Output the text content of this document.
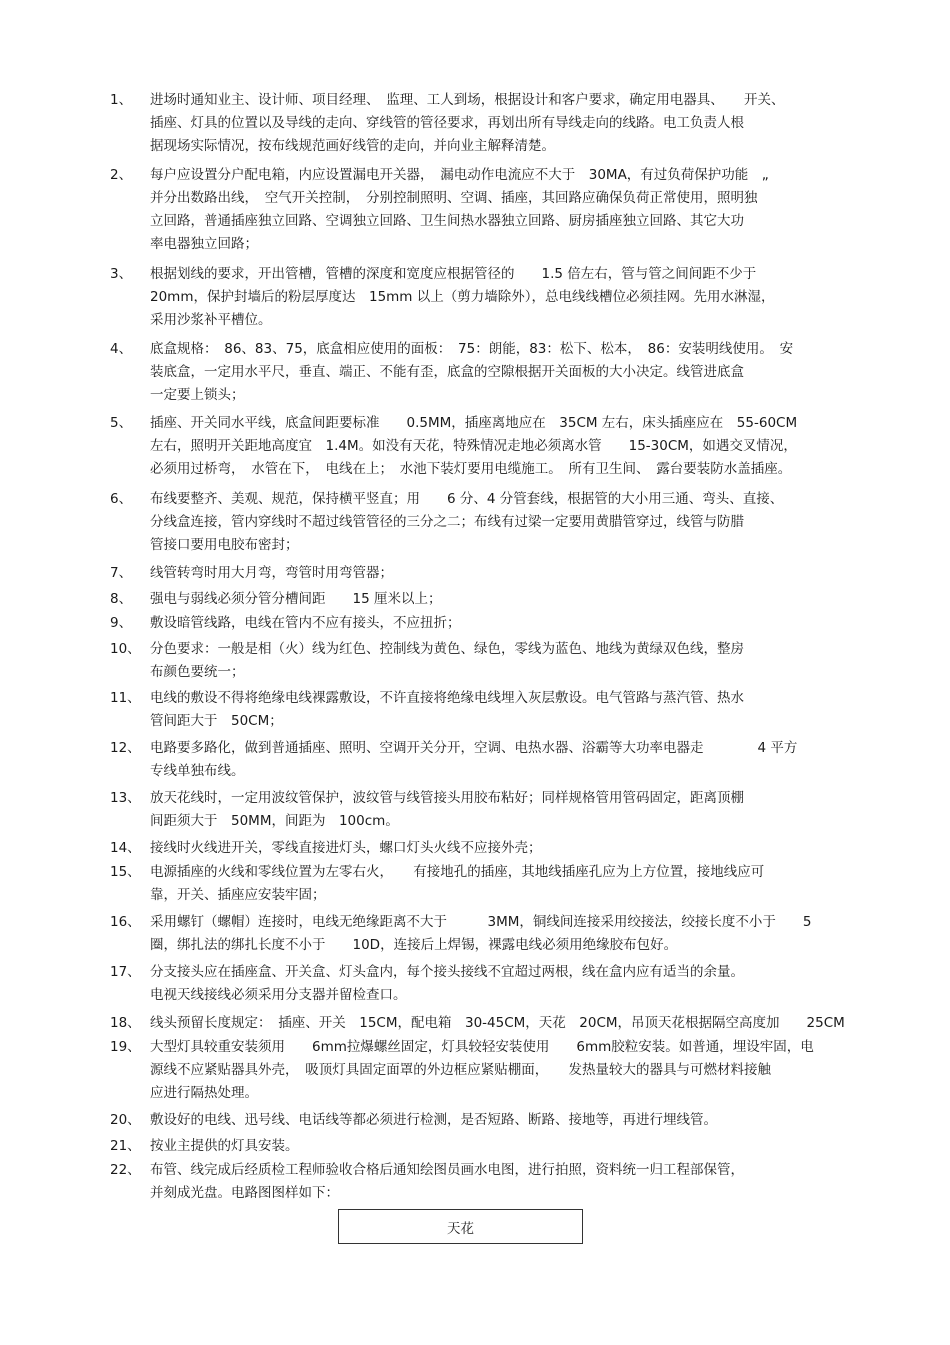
1、 进场时通知业主、设计师、项目经理、　监理、工人到场，根据设计和客户要求，确定用电器具、　　开关、
插座、灯具的位置以及导线的走向、穿线管的管径要求，再划出所有导线走向的线路。电工负责人根
据现场实际情况，按布线规范画好线管的走向，并向业主解释清楚。
2、 每户应设置分户配电箱，内应设置漏电开关器，　漏电动作电流应不大于　30MA，有过负荷保护功能　„
并分出数路出线，　空气开关控制，　分别控制照明、空调、插座，其回路应确保负荷正常使用，照明独
立回路，普通插座独立回路、空调独立回路、卫生间热水器独立回路、厨房插座独立回路、其它大功
率电器独立回路；
3、 根据划线的要求，开出管槽，管槽的深度和宽度应根据管径的　　1.5 倍左右，管与管之间间距不少于
20mm，保护封墙后的粉层厚度达　15mm 以上（剪力墙除外），总电线线槽位必须挂网。先用水淋湿，
采用沙浆补平槽位。
4、 底盒规格：　86、83、75，底盒相应使用的面板：　75：朗能，83：松下、松本，　86：安装明线使用。　安
装底盒，一定用水平尺，垂直、端正、不能有歪，底盒的空隙根据开关面板的大小决定。线管进底盒
一定要上锁头；
5、 插座、开关同水平线，底盒间距要标准　　0.5MM，插座离地应在　35CM 左右，床头插座应在　55-60CM
左右，照明开关距地高度宜　1.4M。如没有天花，特殊情况走地必须离水管　　15-30CM，如遇交叉情况，
必须用过桥弯，　水管在下，　电线在上；　水池下装灯要用电缆施工。　所有卫生间、　露台要装防水盖插座。
6、 布线要整齐、美观、规范，保持横平竖直；用　　6 分、4 分管套线，根据管的大小用三通、弯头、直接、
分线盒连接，管内穿线时不超过线管管径的三分之二；布线有过梁一定要用黄腊管穿过，线管与防腊
管接口要用电胶布密封；
7、 线管转弯时用大月弯，弯管时用弯管器；
8、 强电与弱线必须分管分槽间距　　15 厘米以上；
9、 敷设暗管线路，电线在管内不应有接头，不应扭折；
10、 分色要求：一般是相（火）线为红色、控制线为黄色、绿色，零线为蓝色、地线为黄绿双色线，整房
布颜色要统一；
11、 电线的敷设不得将绝缘电线裸露敷设，不许直接将绝缘电线埋入灰层敷设。电气管路与蒸汽管、热水
管间距大于　50CM；
12、 电路要多路化，做到普通插座、照明、空调开关分开，空调、电热水器、浴霸等大功率电器走　　　　4 平方
专线单独布线。
13、 放天花线时，一定用波纹管保护，波纹管与线管接头用胶布粘好；同样规格管用管码固定，距离顶棚
间距须大于　50MM，间距为　100cm。
14、 接线时火线进开关，零线直接进灯头，螺口灯头火线不应接外壳；
15、 电源插座的火线和零线位置为左零右火，　　有接地孔的插座，其地线插座孔应为上方位置，接地线应可
靠，开关、插座应安装牢固；
16、 采用螺钉（螺帽）连接时，电线无绝缘距离不大于　　　3MM，铜线间连接采用绞接法，绞接长度不小于　　5
圈，绑扎法的绑扎长度不小于　　10D，连接后上焊锡，裸露电线必须用绝缘胶布包好。
17、 分支接头应在插座盒、开关盒、灯头盒内，每个接头接线不宜超过两根，线在盒内应有适当的余量。
电视天线接线必须采用分支器并留检查口。
18、 线头预留长度规定：　插座、开关　15CM，配电箱　30-45CM，天花　20CM，吊顶天花根据隔空高度加　　25CM
19、 大型灯具较重安装须用　　6mm拉爆螺丝固定，灯具较轻安装使用　　6mm胶粒安装。如普通，埋设牢固，电
源线不应紧贴器具外壳，　吸顶灯具固定面罩的外边框应紧贴棚面，　　发热量较大的器具与可燃材料接触
应进行隔热处理。
20、 敷设好的电线、迅号线、电话线等都必须进行检测，是否短路、断路、接地等，再进行埋线管。
21、 按业主提供的灯具安装。
22、 布管、线完成后经质检工程师验收合格后通知绘图员画水电图，进行拍照，资料统一归工程部保管，
并刻成光盘。电路图图样如下：
天花
